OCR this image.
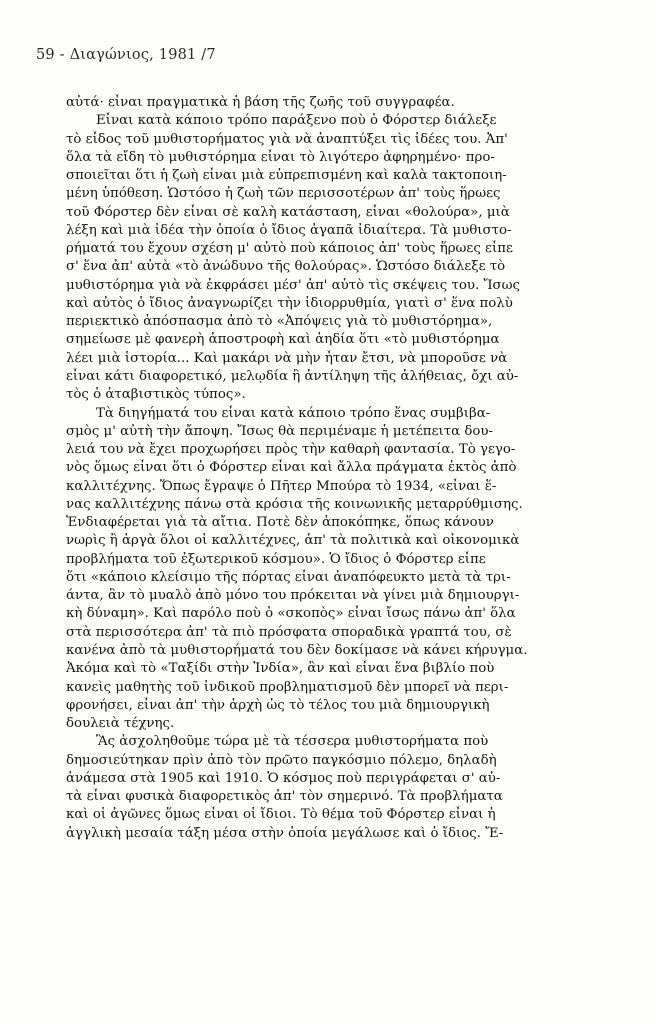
59 - Διαγώνιος, 1981 /7
αὐτά· εἶναι πραγματικὰ ἡ βάση τῆς ζωῆς τοῦ συγγραφέα.
Εἶναι κατὰ κάποιο τρόπο παράξενο ποὺ ὁ Φόρστερ διάλεξε
τὸ εἶδος τοῦ μυθιστορήματος γιὰ νὰ ἀναπτύξει τὶς ἰδέες του. Ἀπ'
ὅλα τὰ εἴδη τὸ μυθιστόρημα εἶναι τὸ λιγότερο ἀφηρημένο· προ-
σποιεῖται ὅτι ἡ ζωὴ εἶναι μιὰ εὐπρεπισμένη καὶ καλὰ τακτοποιη-
μένη ὑπόθεση. Ὡστόσο ἡ ζωὴ τῶν περισσοτέρων ἀπ' τοὺς ἥρωες
τοῦ Φόρστερ δὲν εἶναι σὲ καλὴ κατάσταση, εἶναι «θολούρα», μιὰ
λέξη καὶ μιὰ ἰδέα τὴν ὁποία ὁ ἴδιος ἀγαπᾶ ἰδιαίτερα. Τὰ μυθιστο-
ρήματά του ἔχουν σχέση μ' αὐτὸ ποὺ κάποιος ἀπ' τοὺς ἥρωες εἶπε
σ' ἕνα ἀπ' αὐτὰ «τὸ ἀνώδυνο τῆς θολούρας». Ὡστόσο διάλεξε τὸ
μυθιστόρημα γιὰ νὰ ἐκφράσει μέσ' ἀπ' αὐτὸ τὶς σκέψεις του. Ἴσως
καὶ αὐτὸς ὁ ἴδιος ἀναγνωρίζει τὴν ἰδιορρυθμία, γιατὶ σ' ἕνα πολὺ
περιεκτικὸ ἀπόσπασμα ἀπὸ τὸ «Ἀπόψεις γιὰ τὸ μυθιστόρημα»,
σημείωσε μὲ φανερὴ ἀποστροφὴ καὶ ἀηδία ὅτι «τὸ μυθιστόρημα
λέει μιὰ ἱστορία... Καὶ μακάρι νὰ μὴν ἦταν ἔτσι, νὰ μποροῦσε νὰ
εἶναι κάτι διαφορετικό, μελῳδία ἢ ἀντίληψη τῆς ἀλήθειας, ὄχι αὐ-
τὸς ὁ ἀταβιστικὸς τύπος».
Τὰ διηγήματά του εἶναι κατὰ κάποιο τρόπο ἕνας συμβιβα-
σμὸς μ' αὐτὴ τὴν ἄποψη. Ἴσως θὰ περιμέναμε ἡ μετέπειτα δου-
λειά του νὰ ἔχει προχωρήσει πρὸς τὴν καθαρὴ φαντασία. Τὸ γεγο-
νὸς ὅμως εἶναι ὅτι ὁ Φόρστερ εἶναι καὶ ἄλλα πράγματα ἐκτὸς ἀπὸ
καλλιτέχνης. Ὅπως ἔγραψε ὁ Πῆτερ Μπούρα τὸ 1934, «εἶναι ἕ-
νας καλλιτέχνης πάνω στὰ κρόσια τῆς κοινωνικῆς μεταρρύθμισης.
Ἐνδιαφέρεται γιὰ τὰ αἴτια. Ποτὲ δὲν ἀποκόπηκε, ὅπως κάνουν
νωρὶς ἢ ἀργὰ ὅλοι οἱ καλλιτέχνες, ἀπ' τὰ πολιτικὰ καὶ οἰκονομικὰ
προβλήματα τοῦ ἐξωτερικοῦ κόσμου». Ὁ ἴδιος ὁ Φόρστερ εἶπε
ὅτι «κάποιο κλείσιμο τῆς πόρτας εἶναι ἀναπόφευκτο μετὰ τὰ τρι-
άντα, ἂν τὸ μυαλὸ ἀπὸ μόνο του πρόκειται νὰ γίνει μιὰ δημιουργι-
κὴ δύναμη». Καὶ παρόλο ποὺ ὁ «σκοπὸς» εἶναι ἴσως πάνω ἀπ' ὅλα
στὰ περισσότερα ἀπ' τὰ πιὸ πρόσφατα σποραδικὰ γραπτά του, σὲ
κανένα ἀπὸ τὰ μυθιστορήματά του δὲν δοκίμασε νὰ κάνει κήρυγμα.
Ἀκόμα καὶ τὸ «Ταξίδι στὴν Ἰνδία», ἂν καὶ εἶναι ἕνα βιβλίο ποὺ
κανεὶς μαθητὴς τοῦ ἰνδικοῦ προβληματισμοῦ δὲν μπορεῖ νὰ περι-
φρονήσει, εἶναι ἀπ' τὴν ἀρχὴ ὡς τὸ τέλος του μιὰ δημιουργικὴ
δουλειὰ τέχνης.
Ἂς ἀσχοληθοῦμε τώρα μὲ τὰ τέσσερα μυθιστορήματα ποὺ
δημοσιεύτηκαν πρὶν ἀπὸ τὸν πρῶτο παγκόσμιο πόλεμο, δηλαδὴ
ἀνάμεσα στὰ 1905 καὶ 1910. Ὁ κόσμος ποὺ περιγράφεται σ' αὐ-
τὰ εἶναι φυσικὰ διαφορετικὸς ἀπ' τὸν σημερινό. Τὰ προβλήματα
καὶ οἱ ἀγῶνες ὅμως εἶναι οἱ ἴδιοι. Τὸ θέμα τοῦ Φόρστερ εἶναι ἡ
ἀγγλικὴ μεσαία τάξη μέσα στὴν ὁποία μεγάλωσε καὶ ὁ ἴδιος. Ἔ-
